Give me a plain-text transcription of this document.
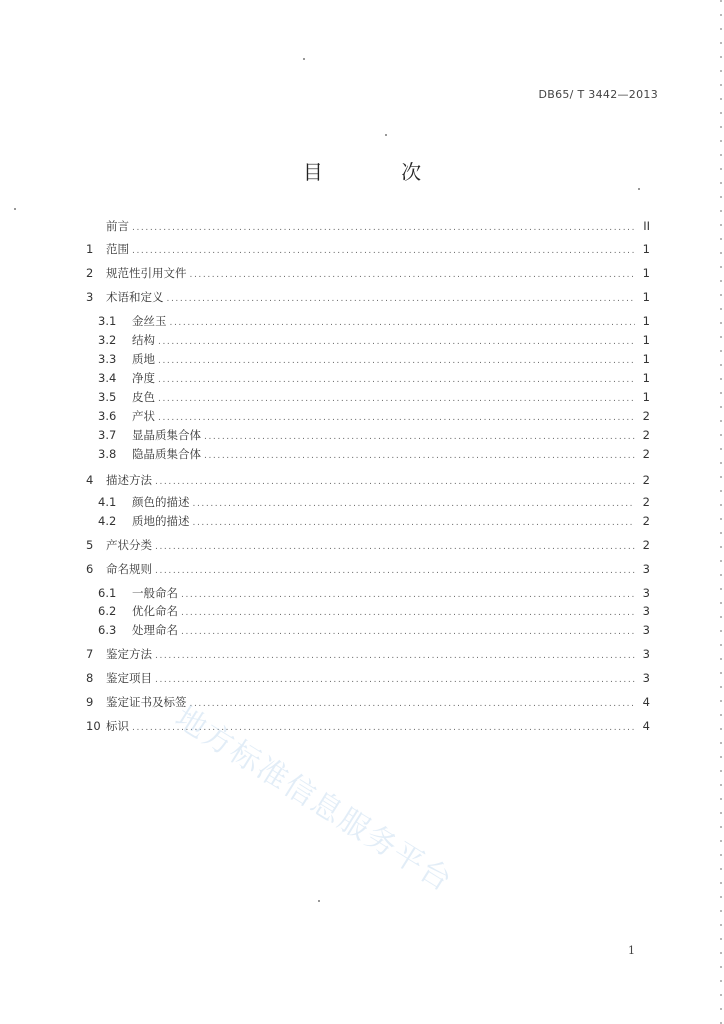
DB65/ T 3442—2013
目 次
前言 .....	II
1	范围 .....	1
2	规范性引用文件 .....	1
3	术语和定义 .....	1
3.1	金丝玉 .....	1
3.2	结构 .....	1
3.3	质地 .....	1
3.4	净度 .....	1
3.5	皮色 .....	1
3.6	产状 .....	2
3.7	显晶质集合体 .....	2
3.8	隐晶质集合体 .....	2
4	描述方法 .....	2
4.1	颜色的描述 .....	2
4.2	质地的描述 .....	2
5	产状分类 .....	2
6	命名规则 .....	3
6.1	一般命名 .....	3
6.2	优化命名 .....	3
6.3	处理命名 .....	3
7	鉴定方法 .....	3
8	鉴定项目 .....	3
9	鉴定证书及标签 .....	4
10 标识 .....	4
1
地方标准信息服务平台
